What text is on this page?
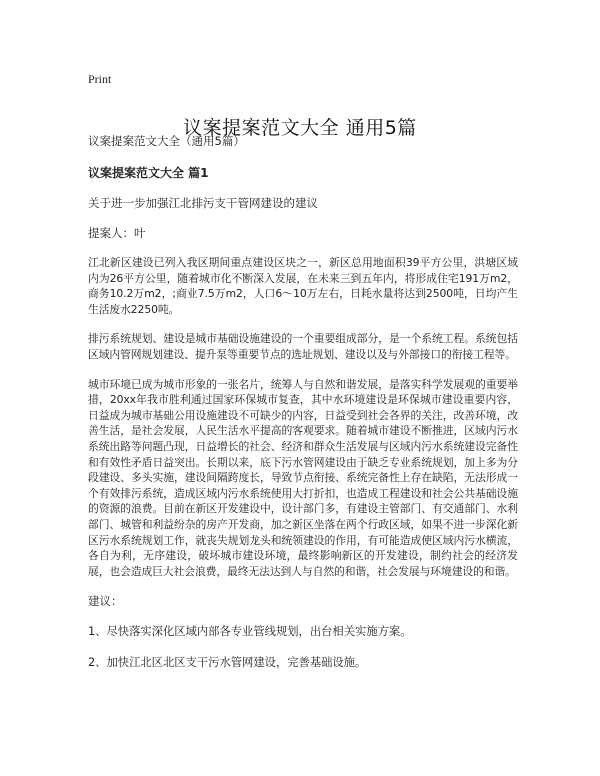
Print
议案提案范文大全 通用5篇

议案提案范文大全（通用5篇）

议案提案范文大全 篇1

关于进一步加强江北排污支干管网建设的建议

提案人：叶

江北新区建设已列入我区期间重点建设区块之一，新区总用地面积39平方公里，洪塘区域内为26平方公里，随着城市化不断深入发展，在未来三到五年内，将形成住宅191万m2，商务10.2万m2，;商业7.5万m2，人口6～10万左右，日耗水量将达到2500吨，日均产生生活废水2250吨。

排污系统规划、建设是城市基础设施建设的一个重要组成部分，是一个系统工程。系统包括区域内管网规划建设、提升泵等重要节点的选址规划、建设以及与外部接口的衔接工程等。

城市环境已成为城市形象的一张名片，统筹人与自然和谐发展，是落实科学发展观的重要举措，20xx年我市胜利通过国家环保城市复查，其中水环境建设是环保城市建设重要内容，日益成为城市基础公用设施建设不可缺少的内容，日益受到社会各界的关注，改善环境，改善生活，是社会发展，人民生活水平提高的客观要求。随着城市建设不断推进，区域内污水系统出路等问题凸现，日益增长的社会、经济和群众生活发展与区域内污水系统建设完备性和有效性矛盾日益突出。长期以来，底下污水管网建设由于缺乏专业系统规划，加上多为分段建设、多头实施，建设间隔跨度长，导致节点衔接、系统完备性上存在缺陷，无法形成一个有效排污系统，造成区域内污水系统使用大打折扣，也造成工程建设和社会公共基础设施的资源的浪费。目前在新区开发建设中，设计部门多，有建设主管部门、有交通部门、水利部门、城管和利益纷杂的房产开发商，加之新区坐落在两个行政区域，如果不进一步深化新区污水系统规划工作，就丧失规划龙头和统领建设的作用，有可能造成使区域内污水横流，各自为利，无序建设，破坏城市建设环境，最终影响新区的开发建设，制约社会的经济发展，也会造成巨大社会浪费，最终无法达到人与自然的和谐，社会发展与环境建设的和谐。

建议：

1、尽快落实深化区域内部各专业管线规划，出台相关实施方案。

2、加快江北区北区支干污水管网建设，完善基础设施。
